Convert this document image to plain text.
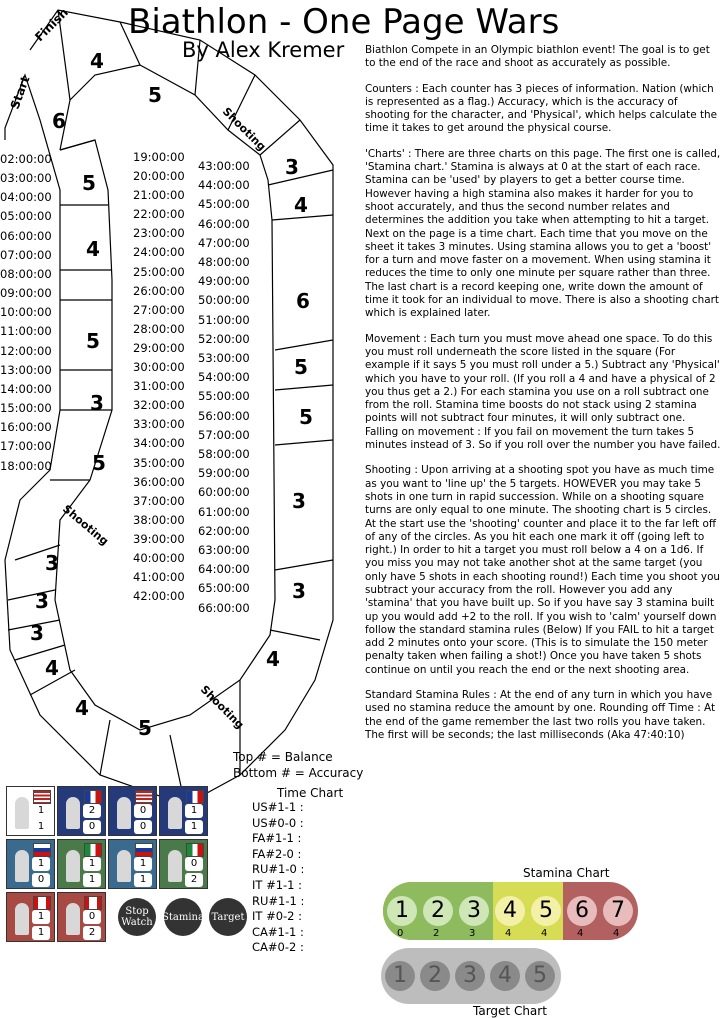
Biathlon - One Page Wars
By Alex Kremer
Finish
Start
Shooting
Shooting
Shooting
6
5
4
5
3
5
3
3
3
4
4
5
4
5
3
4
6
5
5
3
3
4
02:00:00
03:00:00
04:00:00
05:00:00
06:00:00
07:00:00
08:00:00
09:00:00
10:00:00
11:00:00
12:00:00
13:00:00
14:00:00
15:00:00
16:00:00
17:00:00
18:00:00
19:00:00
20:00:00
21:00:00
22:00:00
23:00:00
24:00:00
25:00:00
26:00:00
27:00:00
28:00:00
29:00:00
30:00:00
31:00:00
32:00:00
33:00:00
34:00:00
35:00:00
36:00:00
37:00:00
38:00:00
39:00:00
40:00:00
41:00:00
42:00:00
43:00:00
44:00:00
45:00:00
46:00:00
47:00:00
48:00:00
49:00:00
50:00:00
51:00:00
52:00:00
53:00:00
54:00:00
55:00:00
56:00:00
57:00:00
58:00:00
59:00:00
60:00:00
61:00:00
62:00:00
63:00:00
64:00:00
65:00:00
66:00:00
Top # = Balance
Bottom # = Accuracy

Biathlon Compete in an Olympic biathlon event! The goal is to get to the end of the race and shoot as accurately as possible.

Counters : Each counter has 3 pieces of information. Nation (which is represented as a flag.) Accuracy, which is the accuracy of shooting for the character, and 'Physical', which helps calculate the time it takes to get around the physical course.

'Charts' : There are three charts on this page. The first one is called, 'Stamina chart.' Stamina is always at 0 at the start of each race. Stamina can be 'used' by players to get a better course time. However having a high stamina also makes it harder for you to shoot accurately, and thus the second number relates and determines the addition you take when attempting to hit a target. Next on the page is a time chart. Each time that you move on the sheet it takes 3 minutes. Using stamina allows you to get a 'boost' for a turn and move faster on a movement. When using stamina it reduces the time to only one minute per square rather than three. The last chart is a record keeping one, write down the amount of time it took for an individual to move. There is also a shooting chart which is explained later.

Movement : Each turn you must move ahead one space. To do this you must roll underneath the score listed in the square (For example if it says 5 you must roll under a 5.) Subtract any 'Physical' which you have to your roll. (If you roll a 4 and have a physical of 2 you thus get a 2.) For each stamina you use on a roll subtract one from the roll. Stamina time boosts do not stack using 2 stamina points will not subtract four minutes, it will only subtract one. Falling on movement : If you fail on movement the turn takes 5 minutes instead of 3. So if you roll over the number you have failed.

Shooting : Upon arriving at a shooting spot you have as much time as you want to 'line up' the 5 targets. HOWEVER you may take 5 shots in one turn in rapid succession. While on a shooting square turns are only equal to one minute. The shooting chart is 5 circles. At the start use the 'shooting' counter and place it to the far left off of any of the circles. As you hit each one mark it off (going left to right.) In order to hit a target you must roll below a 4 on a 1d6. If you miss you may not take another shot at the same target (you only have 5 shots in each shooting round!) Each time you shoot you subtract your accuracy from the roll. However you add any 'stamina' that you have built up. So if you have say 3 stamina built up you would add +2 to the roll. If you wish to 'calm' yourself down follow the standard stamina rules (Below) If you FAIL to hit a target add 2 minutes onto your score. (This is to simulate the 150 meter penalty taken when failing a shot!) Once you have taken 5 shots continue on until you reach the end or the next shooting area.

Standard Stamina Rules : At the end of any turn in which you have used no stamina reduce the amount by one. Rounding off Time : At the end of the game remember the last two rolls you have taken. The first will be seconds; the last milliseconds (Aka 47:40:10)

1
1
2
0
0
0
1
1
1
0
1
1
1
1
0
2
1
1
0
2
Stop Watch Stamina Target
Time Chart
US#1-1 :
US#0-0 :
FA#1-1 :
FA#2-0 :
RU#1-0 :
IT #1-1 :
RU#1-1 :
IT #0-2 :
CA#1-1 :
CA#0-2 :
Stamina Chart
1
0
2
2
3
3
4
4
5
4
6
4
7
4
1 2 3 4 5
Target Chart
